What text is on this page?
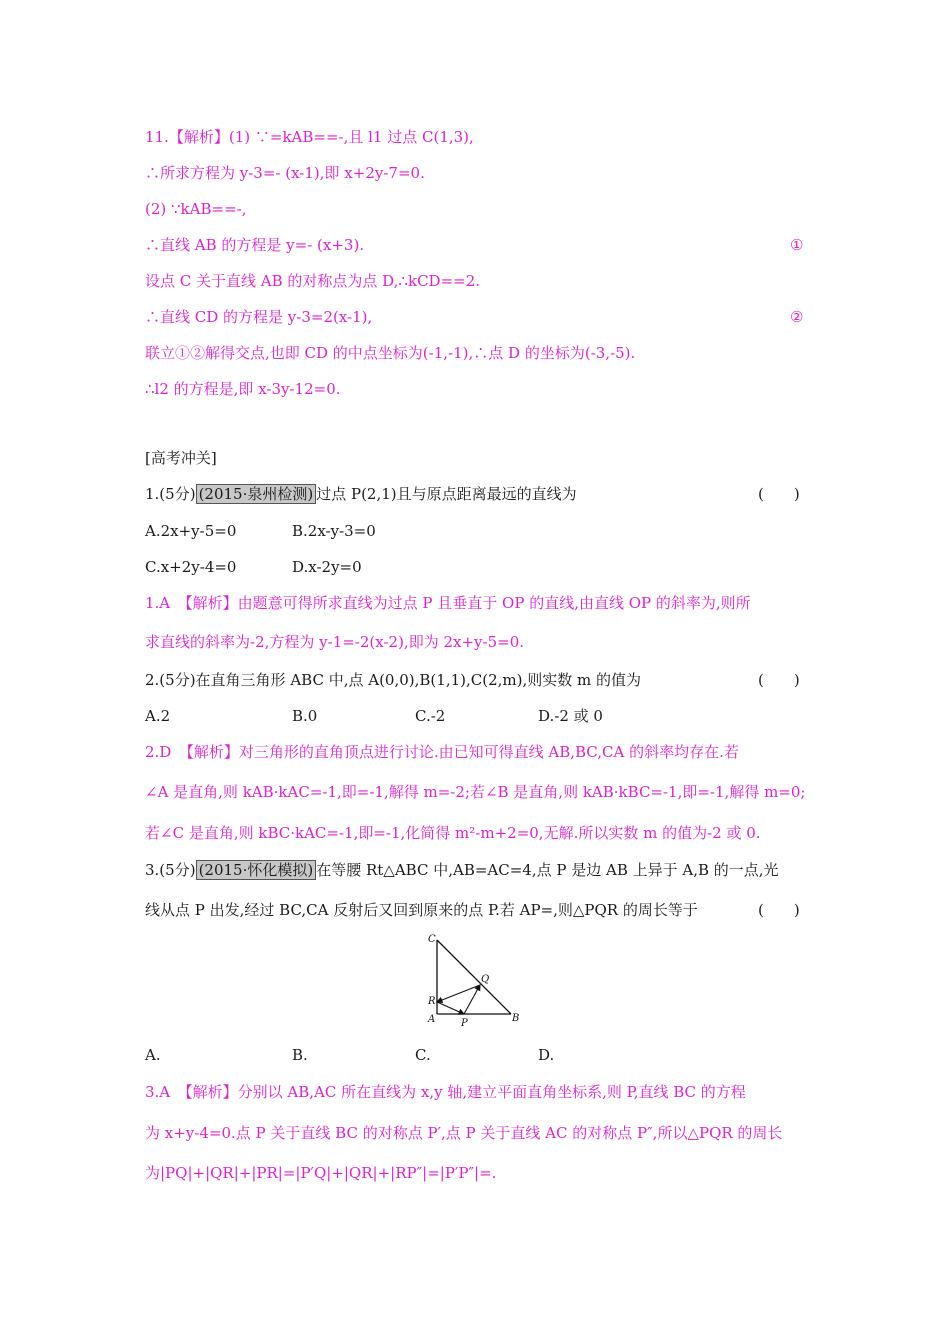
11.【解析】(1) ∵=kAB==-,且 l1 过点 C(1,3),
∴所求方程为 y-3=- (x-1),即 x+2y-7=0.
(2) ∵kAB==-,
∴直线 AB 的方程是 y=- (x+3).	①
设点 C 关于直线 AB 的对称点为点 D,∴kCD==2.
∴直线 CD 的方程是 y-3=2(x-1),	②
联立①②解得交点,也即 CD 的中点坐标为(-1,-1),∴点 D 的坐标为(-3,-5).
∴l2 的方程是,即 x-3y-12=0.
[高考冲关]
1.(5分) (2015·泉州检测) 过点 P(2,1)且与原点距离最远的直线为	(　　)
A.2x+y-5=0	B.2x-y-3=0
C.x+2y-4=0	D.x-2y=0
1.A　【解析】由题意可得所求直线为过点 P 且垂直于 OP 的直线,由直线 OP 的斜率为,则所
求直线的斜率为-2,方程为 y-1=-2(x-2),即为 2x+y-5=0.
2.(5分)在直角三角形 ABC 中,点 A(0,0),B(1,1),C(2,m),则实数 m 的值为	(　　)
A.2	B.0	C.-2	D.-2 或 0
2.D　【解析】对三角形的直角顶点进行讨论.由已知可得直线 AB,BC,CA 的斜率均存在.若
∠A 是直角,则 kAB·kAC=-1,即=-1,解得 m=-2;若∠B 是直角,则 kAB·kBC=-1,即=-1,解得 m=0;
若∠C 是直角,则 kBC·kAC=-1,即=-1,化简得 m²-m+2=0,无解.所以实数 m 的值为-2 或 0.
3.(5分) (2015·怀化模拟) 在等腰 Rt△ABC 中,AB=AC=4,点 P 是边 AB 上异于 A,B 的一点,光
线从点 P 出发,经过 BC,CA 反射后又回到原来的点 P.若 AP=,则△PQR 的周长等于	(　　)
C
Q
R
A	P	B
A.	B.	C.	D.
3.A　【解析】分别以 AB,AC 所在直线为 x,y 轴,建立平面直角坐标系,则 P,直线 BC 的方程
为 x+y-4=0.点 P 关于直线 BC 的对称点 P′,点 P 关于直线 AC 的对称点 P″,所以△PQR 的周长
为|PQ|+|QR|+|PR|=|P′Q|+|QR|+|RP″|=|P′P″|=.
